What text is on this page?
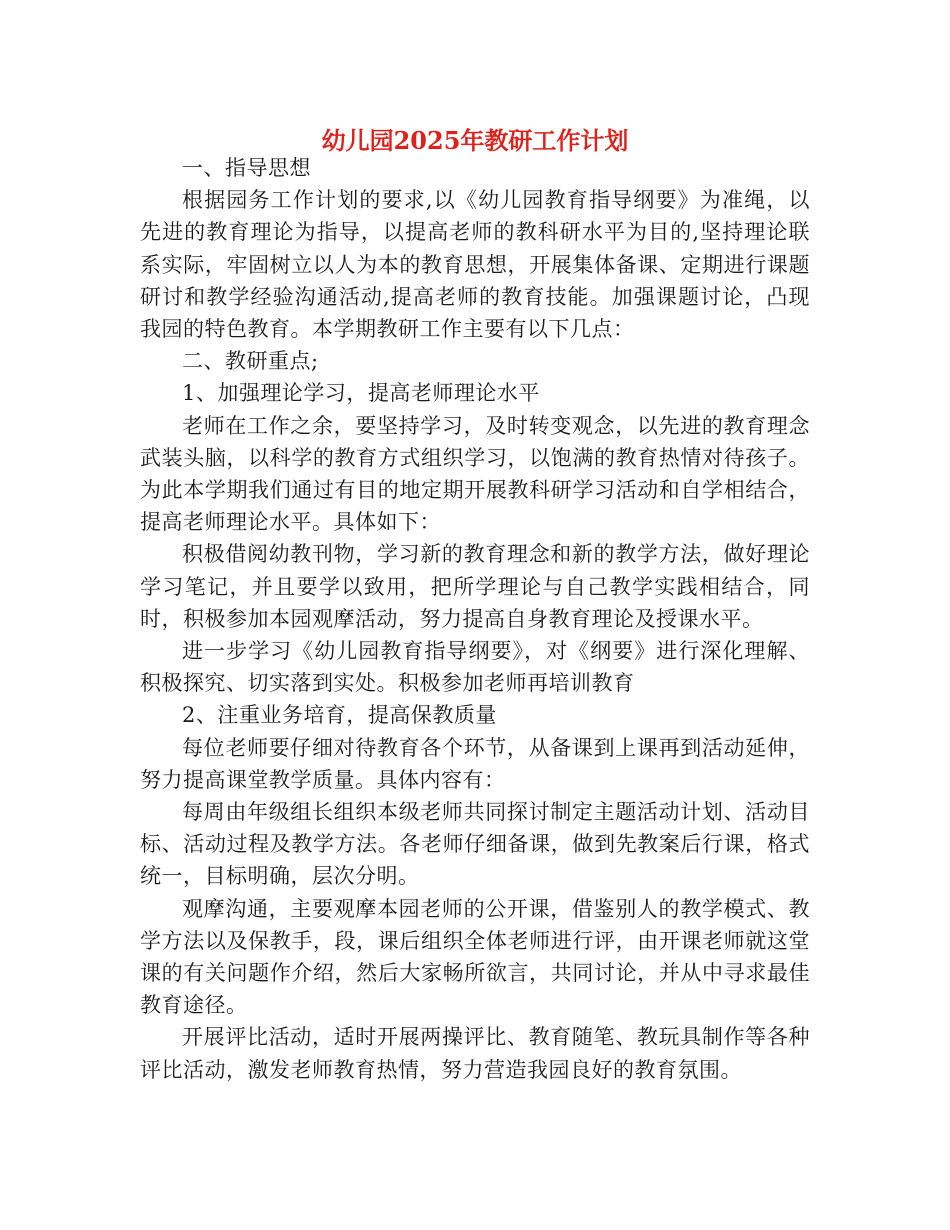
幼儿园2025年教研工作计划

一、指导思想

根据园务工作计划的要求,以《幼儿园教育指导纲要》为准绳，以先进的教育理论为指导，以提高老师的教科研水平为目的,坚持理论联系实际，牢固树立以人为本的教育思想，开展集体备课、定期进行课题研讨和教学经验沟通活动,提高老师的教育技能。加强课题讨论，凸现我园的特色教育。本学期教研工作主要有以下几点：

二、教研重点;

1、加强理论学习，提高老师理论水平

老师在工作之余，要坚持学习，及时转变观念，以先进的教育理念武装头脑，以科学的教育方式组织学习，以饱满的教育热情对待孩子。为此本学期我们通过有目的地定期开展教科研学习活动和自学相结合，提高老师理论水平。具体如下：

积极借阅幼教刊物，学习新的教育理念和新的教学方法，做好理论学习笔记，并且要学以致用，把所学理论与自己教学实践相结合，同时，积极参加本园观摩活动，努力提高自身教育理论及授课水平。

进一步学习《幼儿园教育指导纲要》，对《纲要》进行深化理解、积极探究、切实落到实处。积极参加老师再培训教育

2、注重业务培育，提高保教质量

每位老师要仔细对待教育各个环节，从备课到上课再到活动延伸，努力提高课堂教学质量。具体内容有：

每周由年级组长组织本级老师共同探讨制定主题活动计划、活动目标、活动过程及教学方法。各老师仔细备课，做到先教案后行课，格式统一，目标明确，层次分明。

观摩沟通，主要观摩本园老师的公开课，借鉴别人的教学模式、教学方法以及保教手，段，课后组织全体老师进行评，由开课老师就这堂课的有关问题作介绍，然后大家畅所欲言，共同讨论，并从中寻求最佳教育途径。

开展评比活动，适时开展两操评比、教育随笔、教玩具制作等各种评比活动，激发老师教育热情，努力营造我园良好的教育氛围。
